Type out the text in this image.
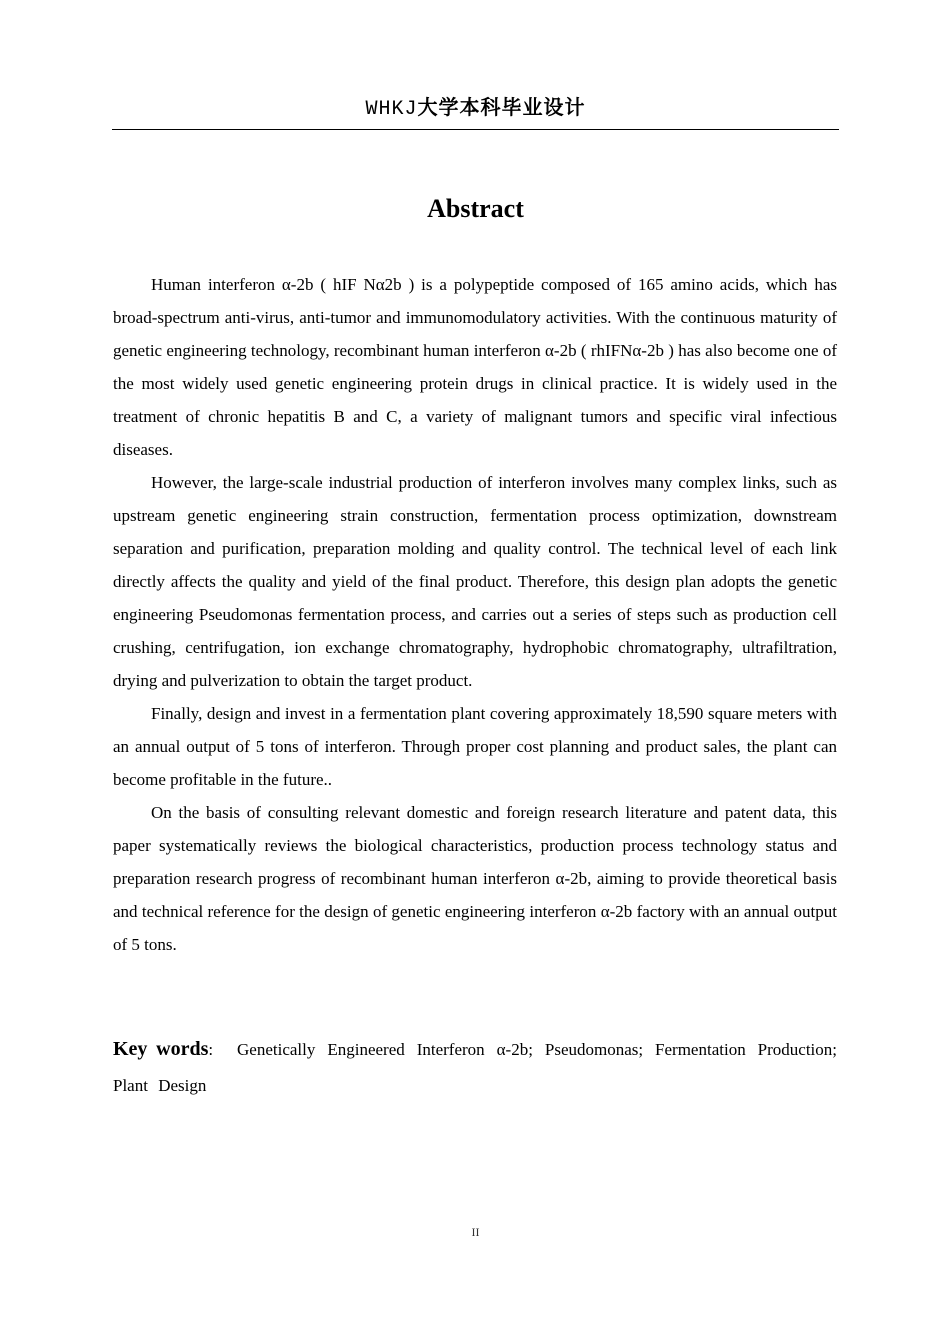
WHKJ大学本科毕业设计
Abstract

Human interferon α-2b ( hIF Nα2b ) is a polypeptide composed of 165 amino acids, which has broad-spectrum anti-virus, anti-tumor and immunomodulatory activities. With the continuous maturity of genetic engineering technology, recombinant human interferon α-2b ( rhIFNα-2b ) has also become one of the most widely used genetic engineering protein drugs in clinical practice. It is widely used in the treatment of chronic hepatitis B and C, a variety of malignant tumors and specific viral infectious diseases.

However, the large-scale industrial production of interferon involves many complex links, such as upstream genetic engineering strain construction, fermentation process optimization, downstream separation and purification, preparation molding and quality control. The technical level of each link directly affects the quality and yield of the final product. Therefore, this design plan adopts the genetic engineering Pseudomonas fermentation process, and carries out a series of steps such as production cell crushing, centrifugation, ion exchange chromatography, hydrophobic chromatography, ultrafiltration, drying and pulverization to obtain the target product.

Finally, design and invest in a fermentation plant covering approximately 18,590 square meters with an annual output of 5 tons of interferon. Through proper cost planning and product sales, the plant can become profitable in the future..

On the basis of consulting relevant domestic and foreign research literature and patent data, this paper systematically reviews the biological characteristics, production process technology status and preparation research progress of recombinant human interferon α-2b, aiming to provide theoretical basis and technical reference for the design of genetic engineering interferon α-2b factory with an annual output of 5 tons.

Key words: Genetically Engineered Interferon α-2b; Pseudomonas; Fermentation Production; Plant Design
II
